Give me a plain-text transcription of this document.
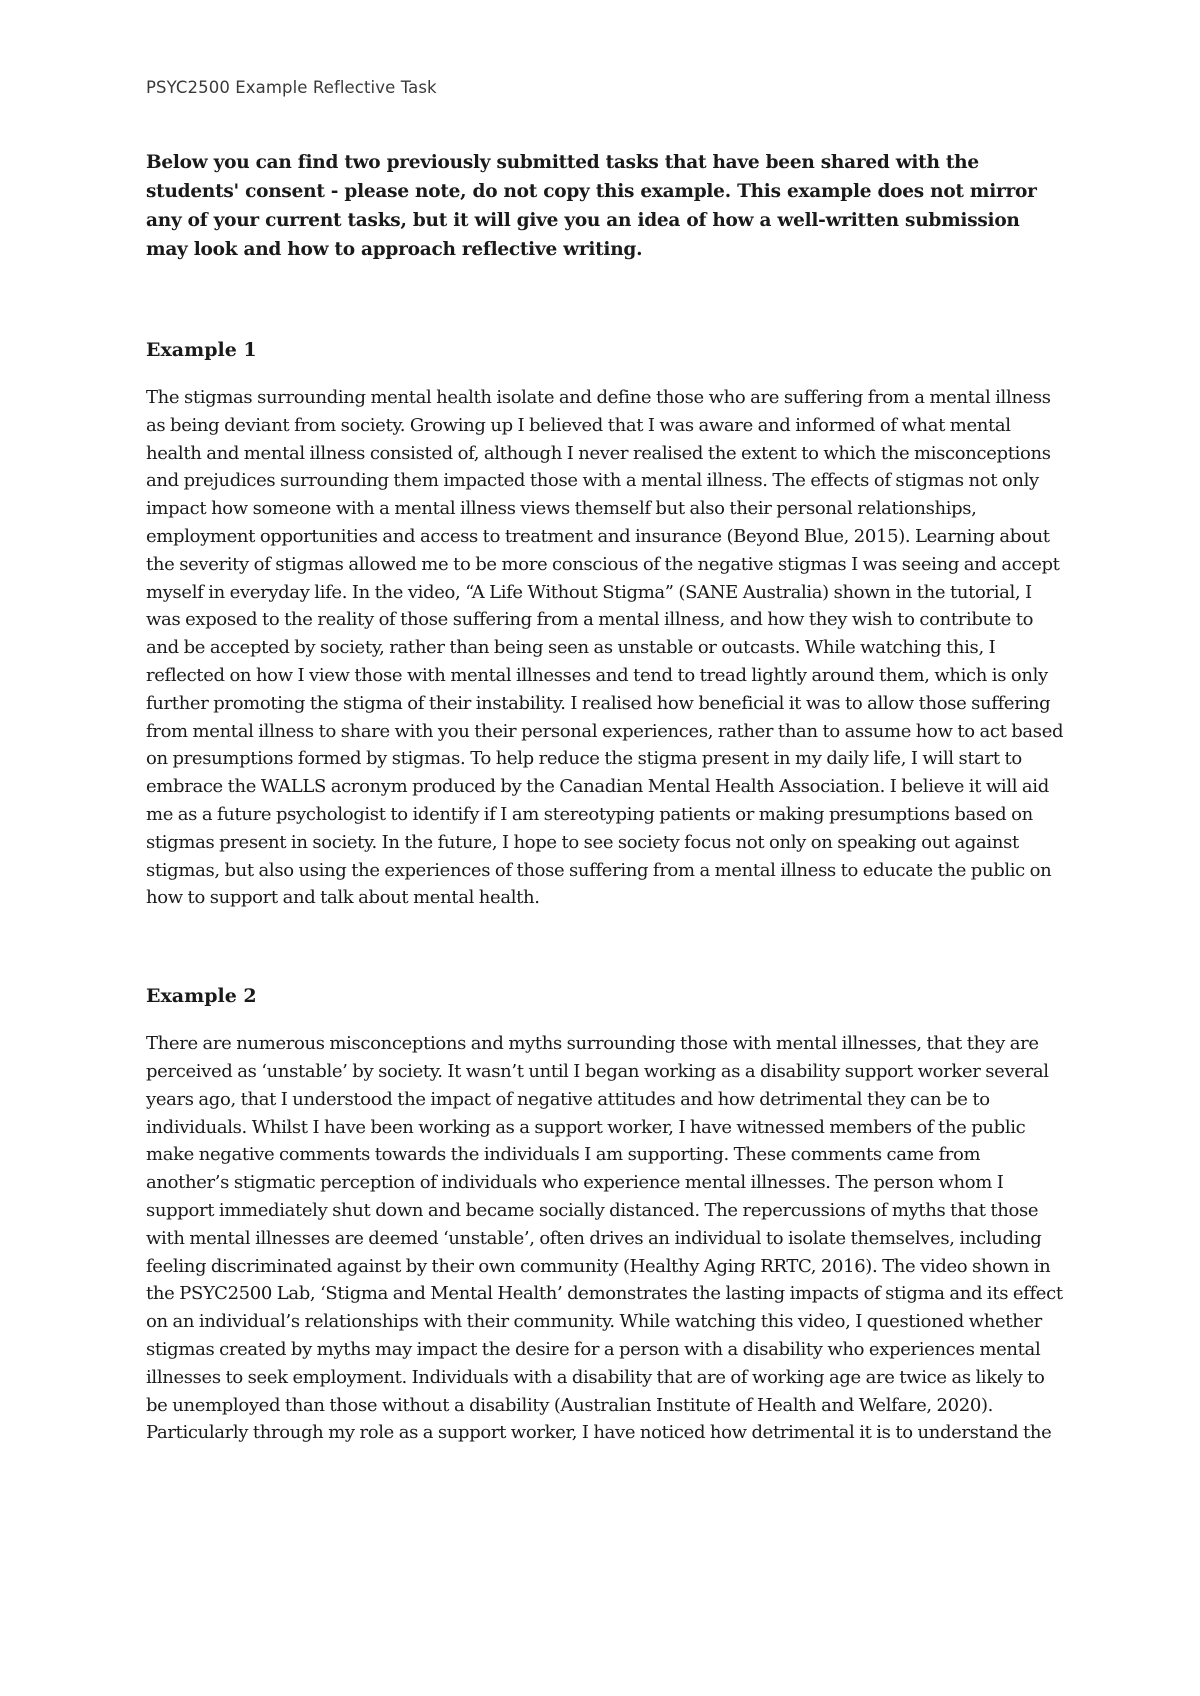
PSYC2500 Example Reflective Task

Below you can find two previously submitted tasks that have been shared with the students' consent - please note, do not copy this example. This example does not mirror any of your current tasks, but it will give you an idea of how a well-written submission may look and how to approach reflective writing.

Example 1

The stigmas surrounding mental health isolate and define those who are suffering from a mental illness as being deviant from society. Growing up I believed that I was aware and informed of what mental health and mental illness consisted of, although I never realised the extent to which the misconceptions and prejudices surrounding them impacted those with a mental illness. The effects of stigmas not only impact how someone with a mental illness views themself but also their personal relationships, employment opportunities and access to treatment and insurance (Beyond Blue, 2015). Learning about the severity of stigmas allowed me to be more conscious of the negative stigmas I was seeing and accept myself in everyday life. In the video, “A Life Without Stigma” (SANE Australia) shown in the tutorial, I was exposed to the reality of those suffering from a mental illness, and how they wish to contribute to and be accepted by society, rather than being seen as unstable or outcasts. While watching this, I reflected on how I view those with mental illnesses and tend to tread lightly around them, which is only further promoting the stigma of their instability. I realised how beneficial it was to allow those suffering from mental illness to share with you their personal experiences, rather than to assume how to act based on presumptions formed by stigmas. To help reduce the stigma present in my daily life, I will start to embrace the WALLS acronym produced by the Canadian Mental Health Association. I believe it will aid me as a future psychologist to identify if I am stereotyping patients or making presumptions based on stigmas present in society. In the future, I hope to see society focus not only on speaking out against stigmas, but also using the experiences of those suffering from a mental illness to educate the public on how to support and talk about mental health.

Example 2

There are numerous misconceptions and myths surrounding those with mental illnesses, that they are perceived as ‘unstable’ by society. It wasn’t until I began working as a disability support worker several years ago, that I understood the impact of negative attitudes and how detrimental they can be to individuals. Whilst I have been working as a support worker, I have witnessed members of the public make negative comments towards the individuals I am supporting. These comments came from another’s stigmatic perception of individuals who experience mental illnesses. The person whom I support immediately shut down and became socially distanced. The repercussions of myths that those with mental illnesses are deemed ‘unstable’, often drives an individual to isolate themselves, including feeling discriminated against by their own community (Healthy Aging RRTC, 2016). The video shown in the PSYC2500 Lab, ‘Stigma and Mental Health’ demonstrates the lasting impacts of stigma and its effect on an individual’s relationships with their community. While watching this video, I questioned whether stigmas created by myths may impact the desire for a person with a disability who experiences mental illnesses to seek employment. Individuals with a disability that are of working age are twice as likely to be unemployed than those without a disability (Australian Institute of Health and Welfare, 2020). Particularly through my role as a support worker, I have noticed how detrimental it is to understand the
